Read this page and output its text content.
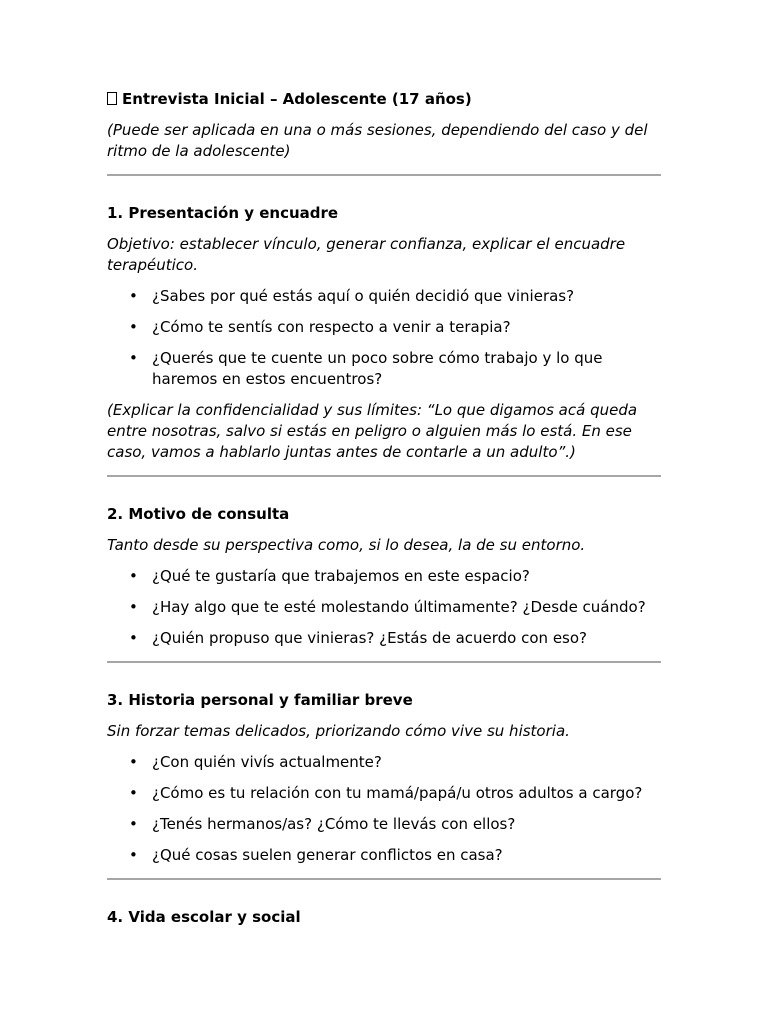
Entrevista Inicial – Adolescente (17 años)

(Puede ser aplicada en una o más sesiones, dependiendo del caso y del ritmo de la adolescente)

1. Presentación y encuadre

Objetivo: establecer vínculo, generar confianza, explicar el encuadre terapéutico.

• ¿Sabes por qué estás aquí o quién decidió que vinieras?
• ¿Cómo te sentís con respecto a venir a terapia?
• ¿Querés que te cuente un poco sobre cómo trabajo y lo que haremos en estos encuentros?

(Explicar la confidencialidad y sus límites: “Lo que digamos acá queda entre nosotras, salvo si estás en peligro o alguien más lo está. En ese caso, vamos a hablarlo juntas antes de contarle a un adulto”.)

2. Motivo de consulta

Tanto desde su perspectiva como, si lo desea, la de su entorno.

• ¿Qué te gustaría que trabajemos en este espacio?
• ¿Hay algo que te esté molestando últimamente? ¿Desde cuándo?
• ¿Quién propuso que vinieras? ¿Estás de acuerdo con eso?
3. Historia personal y familiar breve

Sin forzar temas delicados, priorizando cómo vive su historia.

• ¿Con quién vivís actualmente?
• ¿Cómo es tu relación con tu mamá/papá/u otros adultos a cargo?
• ¿Tenés hermanos/as? ¿Cómo te llevás con ellos?
• ¿Qué cosas suelen generar conflictos en casa?
4. Vida escolar y social
